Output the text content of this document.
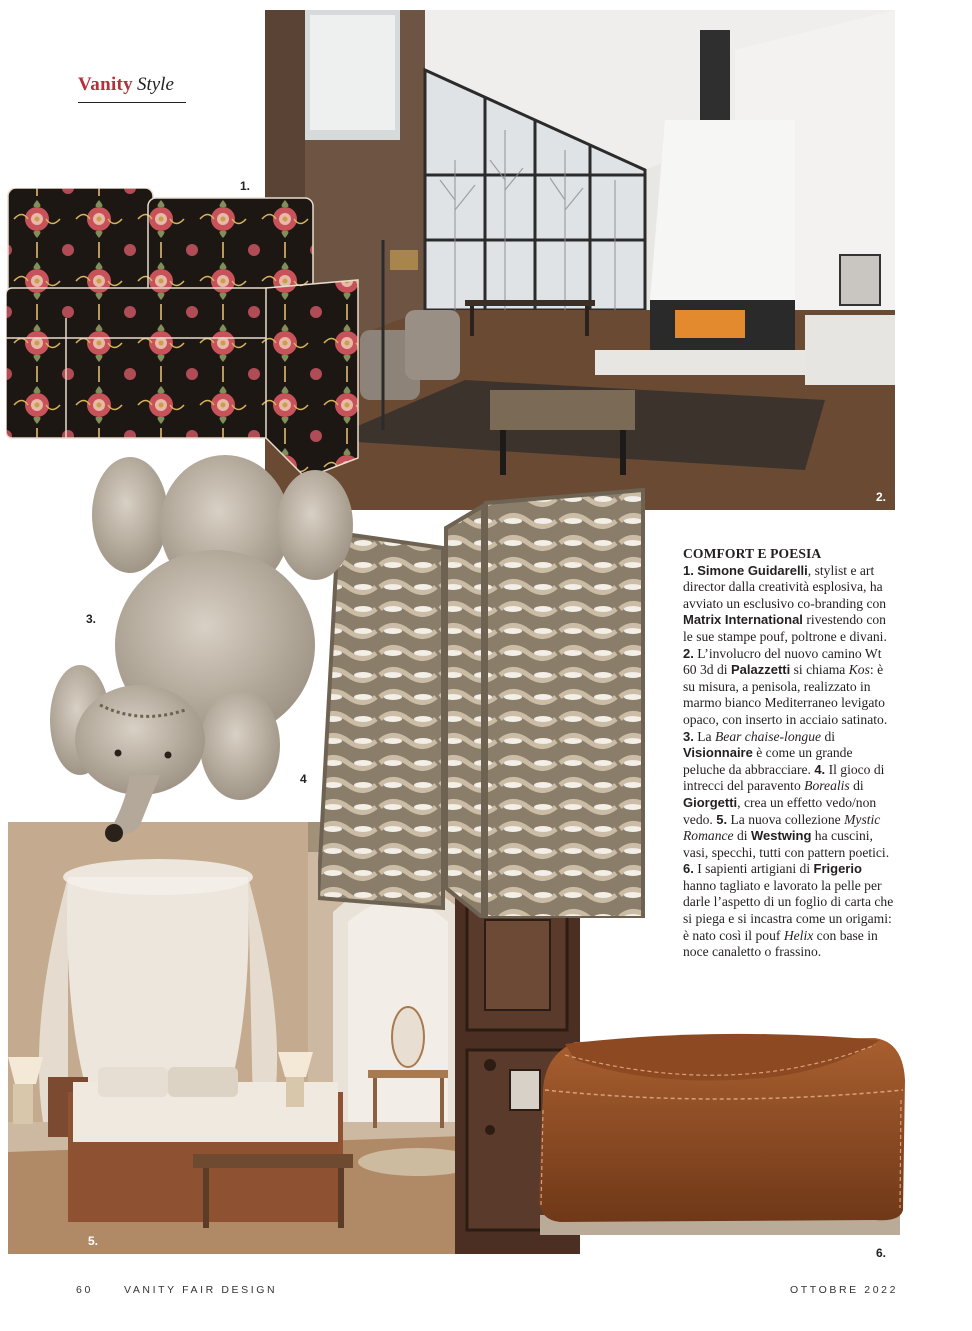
Vanity Style
2.
1.
5.
4
3.
6.
COMFORT E POESIA
1. Simone Guidarelli, stylist e art director dalla creatività esplosiva, ha avviato un esclusivo co-branding con Matrix International rivestendo con le sue stampe pouf, poltrone e divani. 2. L’involucro del nuovo camino Wt 60 3d di Palazzetti si chiama Kos: è su misura, a penisola, realizzato in marmo bianco Mediterraneo levigato opaco, con inserto in acciaio satinato. 3. La Bear chaise-longue di Visionnaire è come un grande peluche da abbracciare. 4. Il gioco di intrecci del paravento Borealis di Giorgetti, crea un effetto vedo/non vedo. 5. La nuova collezione Mystic Romance di Westwing ha cuscini, vasi, specchi, tutti con pattern poetici. 6. I sapienti artigiani di Frigerio hanno tagliato e lavorato la pelle per darle l’aspetto di un foglio di carta che si piega e si incastra come un origami: è nato così il pouf Helix con base in noce canaletto o frassino.
60	VANITY FAIR DESIGN	OTTOBRE 2022
